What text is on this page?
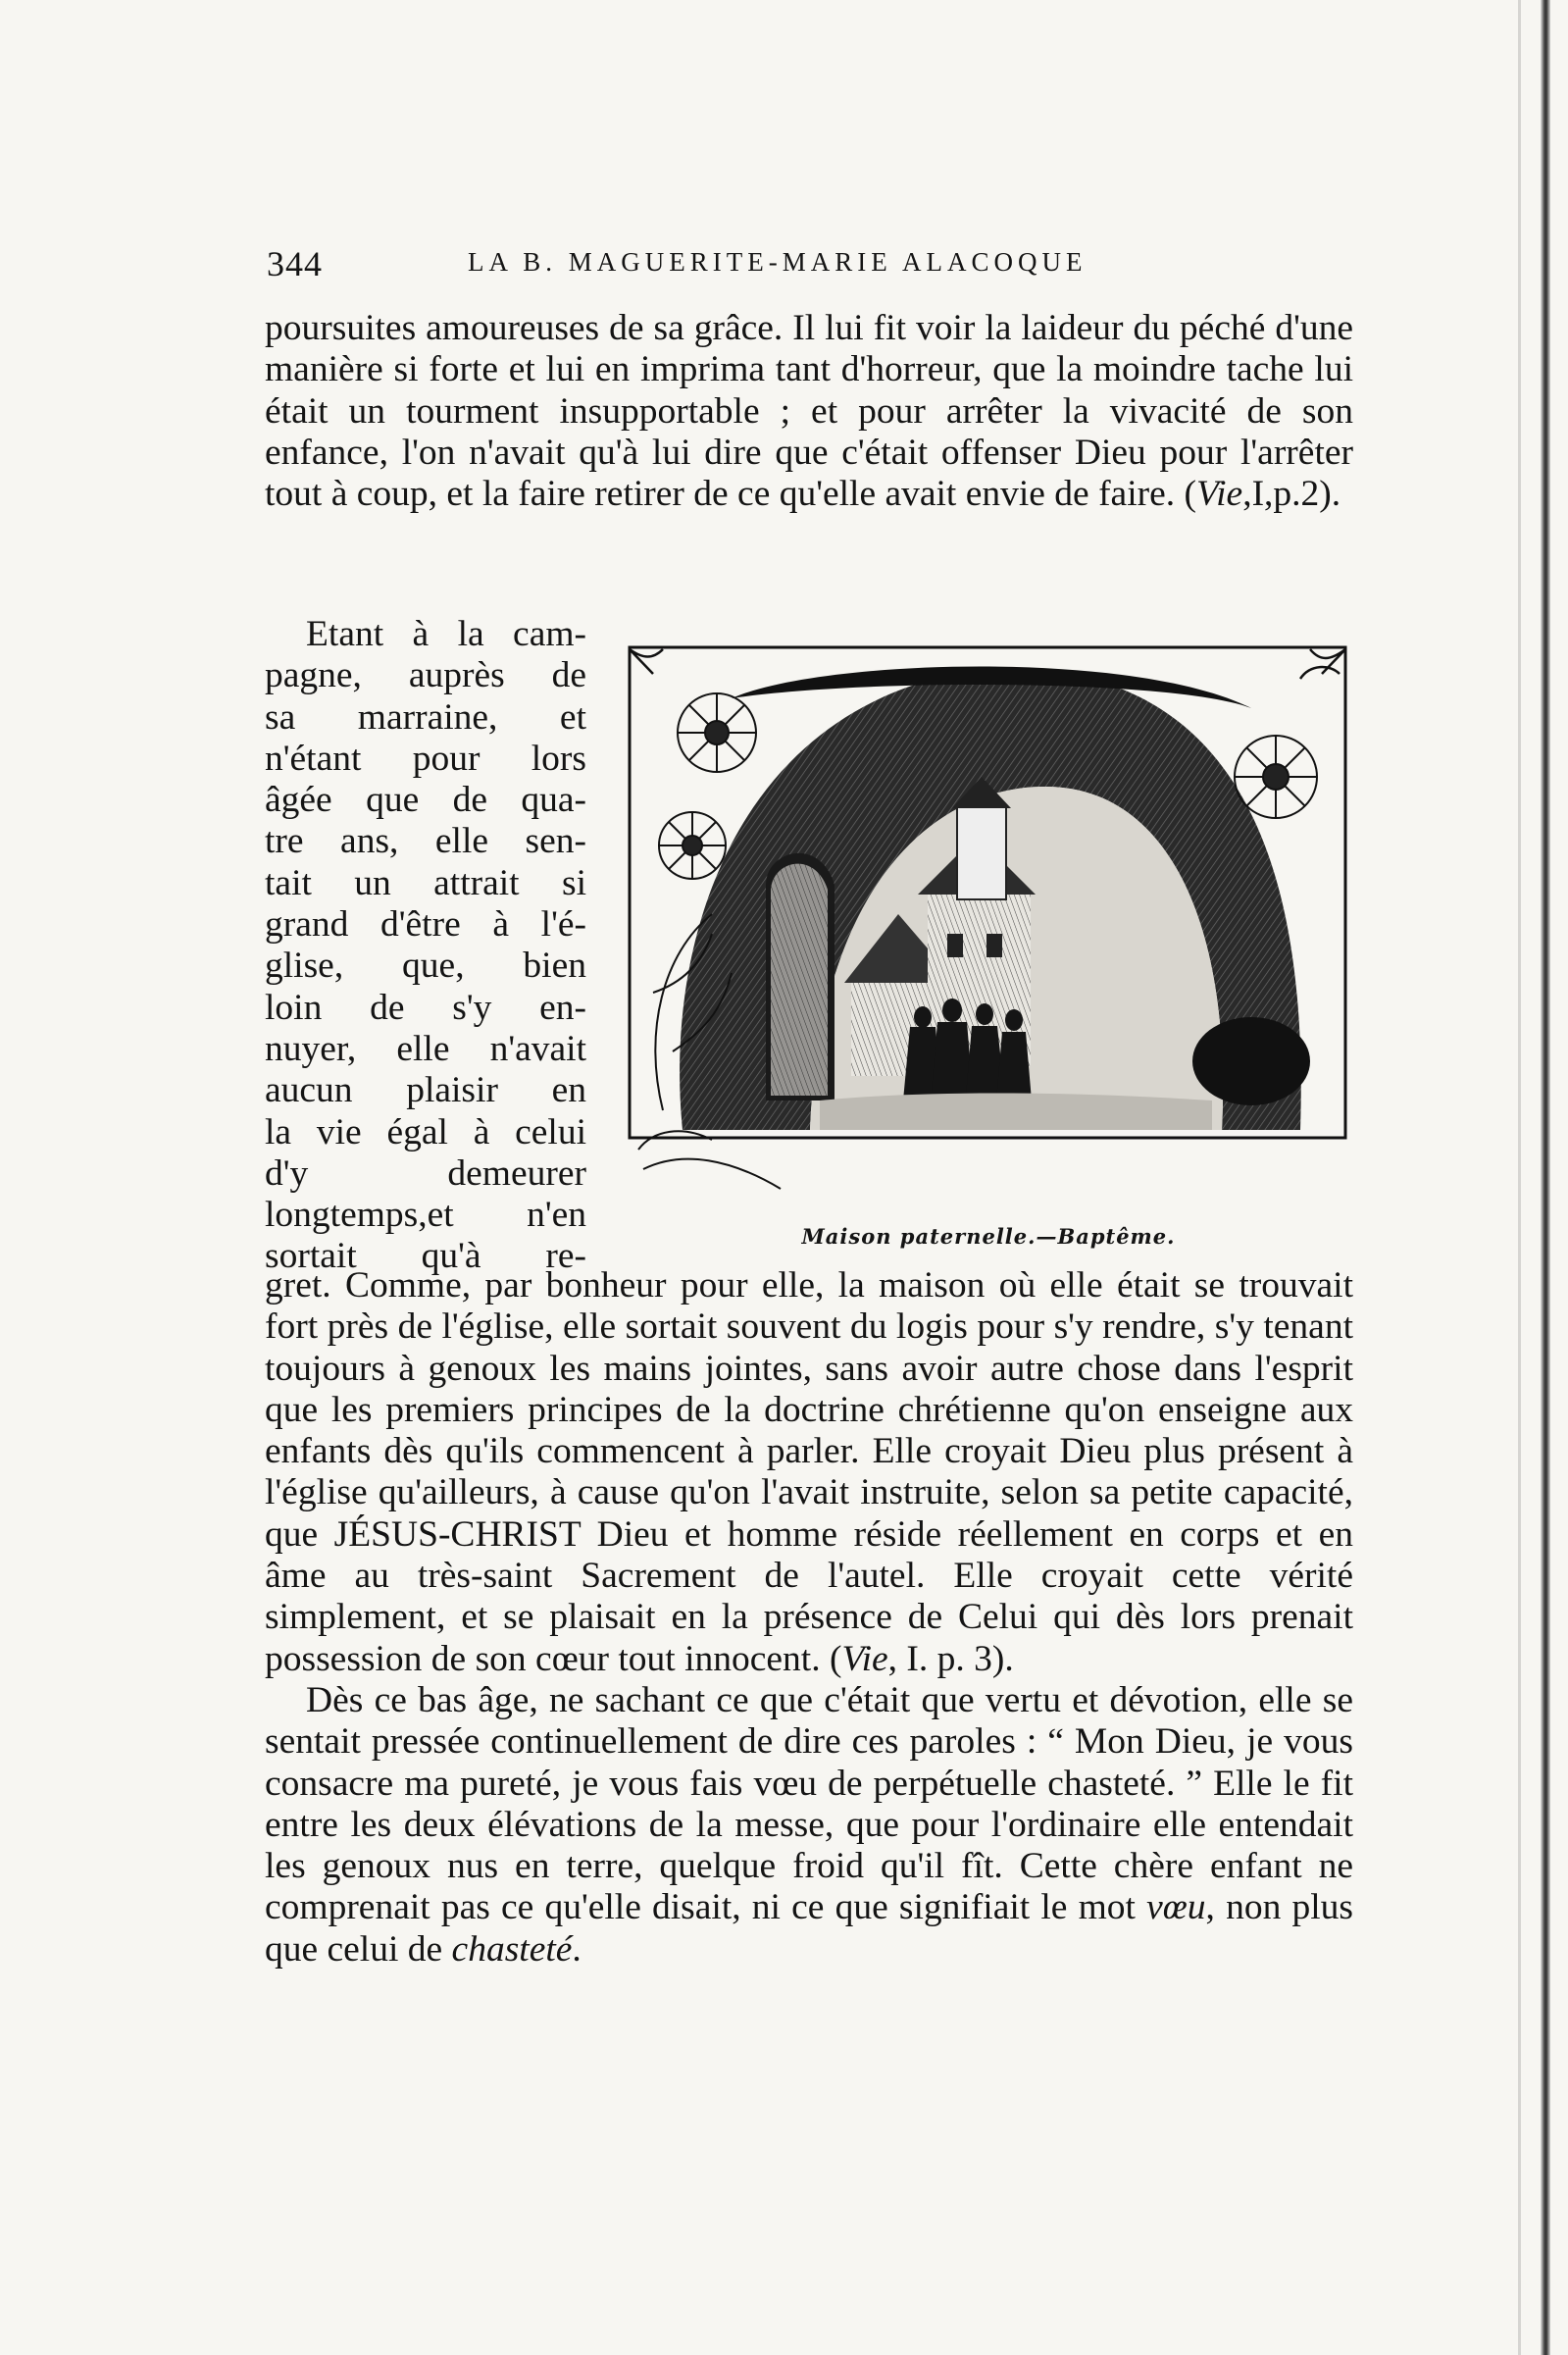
344	LA B. MAGUERITE-MARIE ALACOQUE

poursuites amoureuses de sa grâce. Il lui fit voir la laideur du péché d'une manière si forte et lui en imprima tant d'horreur, que la moindre tache lui était un tourment insupportable ; et pour arrêter la vivacité de son enfance, l'on n'avait qu'à lui dire que c'était offenser Dieu pour l'arrêter tout à coup, et la faire retirer de ce qu'elle avait envie de faire. (Vie,I,p.2).

Etant à la cam-
pagne, auprès de
sa marraine, et
n'étant pour lors
âgée que de qua-
tre ans, elle sen-
tait un attrait si
grand d'être à l'é-
glise, que, bien
loin de s'y en-
nuyer, elle n'avait
aucun plaisir en
la vie égal à celui
d'y demeurer
longtemps,et n'en
sortait qu'à re-	Maison paternelle.—Baptême.

gret. Comme, par bonheur pour elle, la maison où elle était se trouvait fort près de l'église, elle sortait souvent du logis pour s'y rendre, s'y tenant toujours à genoux les mains jointes, sans avoir autre chose dans l'esprit que les premiers principes de la doctrine chrétienne qu'on enseigne aux enfants dès qu'ils commencent à parler. Elle croyait Dieu plus présent à l'église qu'ailleurs, à cause qu'on l'avait instruite, selon sa petite capacité, que JÉSUS-CHRIST Dieu et homme réside réellement en corps et en âme au très-saint Sacrement de l'autel. Elle croyait cette vérité simplement, et se plaisait en la présence de Celui qui dès lors prenait possession de son cœur tout innocent. (Vie, I. p. 3).

Dès ce bas âge, ne sachant ce que c'était que vertu et dévotion, elle se sentait pressée continuellement de dire ces paroles : “ Mon Dieu, je vous consacre ma pureté, je vous fais vœu de perpétuelle chasteté. ” Elle le fit entre les deux élévations de la messe, que pour l'ordinaire elle entendait les genoux nus en terre, quelque froid qu'il fît. Cette chère enfant ne comprenait pas ce qu'elle disait, ni ce que signifiait le mot vœu, non plus que celui de chasteté.
